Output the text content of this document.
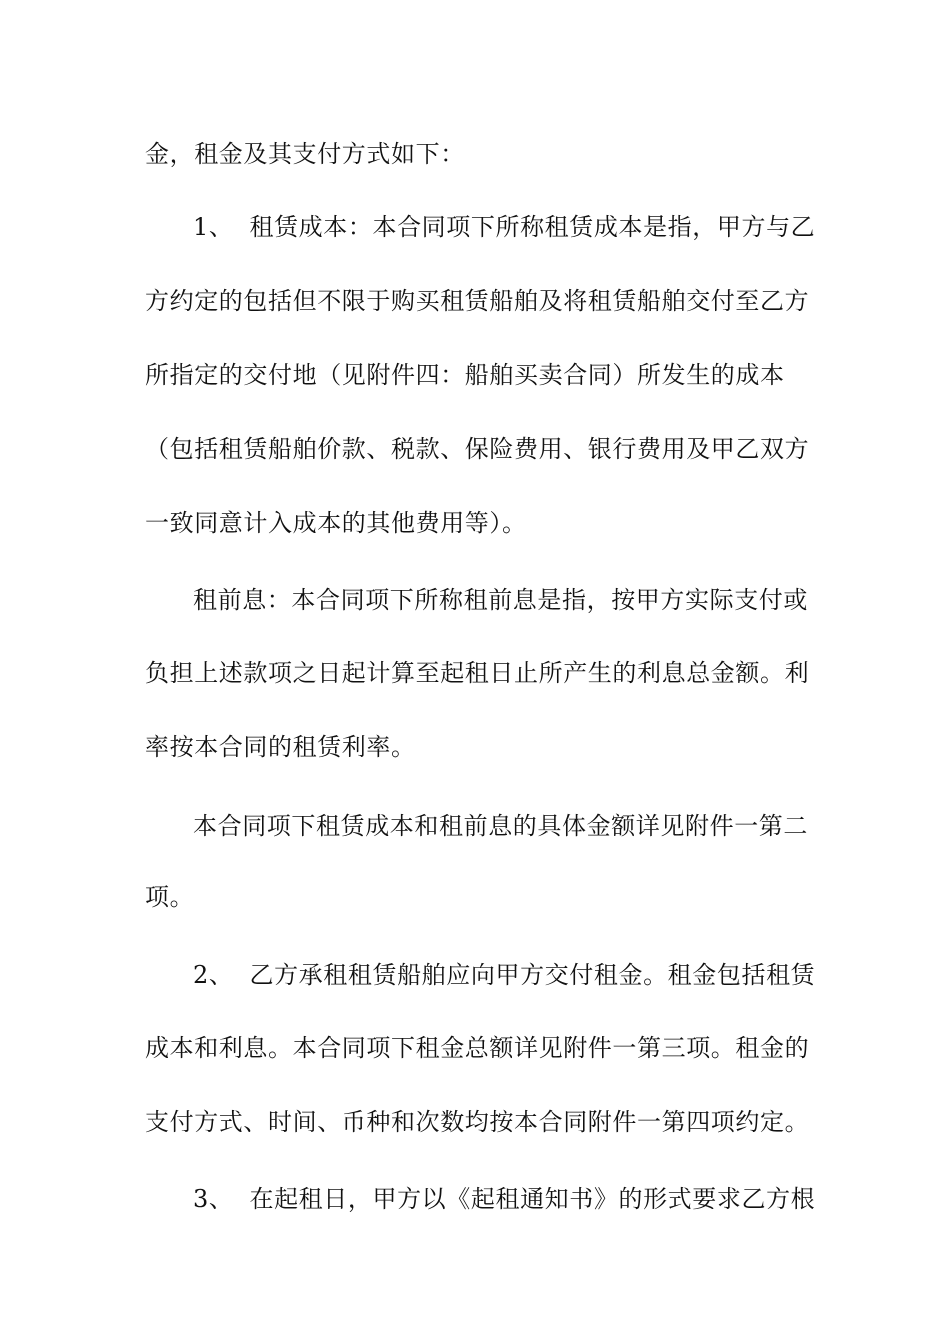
金，租金及其支付方式如下：
1、 租赁成本：本合同项下所称租赁成本是指，甲方与乙
方约定的包括但不限于购买租赁船舶及将租赁船舶交付至乙方
所指定的交付地（见附件四：船舶买卖合同）所发生的成本
（包括租赁船舶价款、税款、保险费用、银行费用及甲乙双方
一致同意计入成本的其他费用等）。
租前息：本合同项下所称租前息是指，按甲方实际支付或
负担上述款项之日起计算至起租日止所产生的利息总金额。利
率按本合同的租赁利率。
本合同项下租赁成本和租前息的具体金额详见附件一第二
项。
2、 乙方承租租赁船舶应向甲方交付租金。租金包括租赁
成本和利息。本合同项下租金总额详见附件一第三项。租金的
支付方式、时间、币种和次数均按本合同附件一第四项约定。
3、 在起租日，甲方以《起租通知书》的形式要求乙方根
